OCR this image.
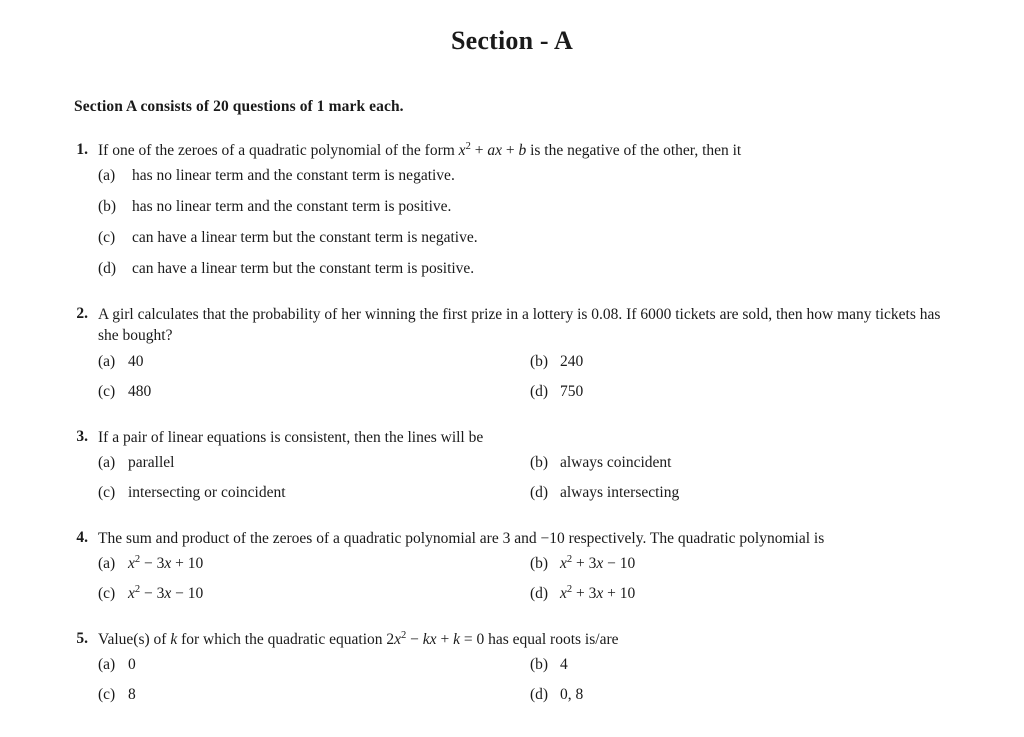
Section - A
Section A consists of 20 questions of 1 mark each.
1. If one of the zeroes of a quadratic polynomial of the form $x^2$ + ax + b is the negative of the other, then it
(a)	has no linear term and the constant term is negative.
(b)	has no linear term and the constant term is positive.
(c)	can have a linear term but the constant term is negative.
(d)	can have a linear term but the constant term is positive.
2. A girl calculates that the probability of her winning the first prize in a lottery is 0.08. If 6000 tickets are sold, then how many tickets has she bought?
(a) 40	(b) 240
(c) 480	(d) 750
3. If a pair of linear equations is consistent, then the lines will be
(a) parallel	(b) always coincident
(c) intersecting or coincident	(d) always intersecting
4. The sum and product of the zeroes of a quadratic polynomial are 3 and −10 respectively. The quadratic polynomial is
(a) $x^2 - 3x + 10$	(b) $x^2 + 3x - 10$
(c) $x^2 - 3x - 10$	(d) $x^2 + 3x + 10$
5. Value(s) of k for which the quadratic equation $2x^2$ − kx + k = 0 has equal roots is/are
(a) 0	(b) 4
(c) 8	(d) 0, 8
